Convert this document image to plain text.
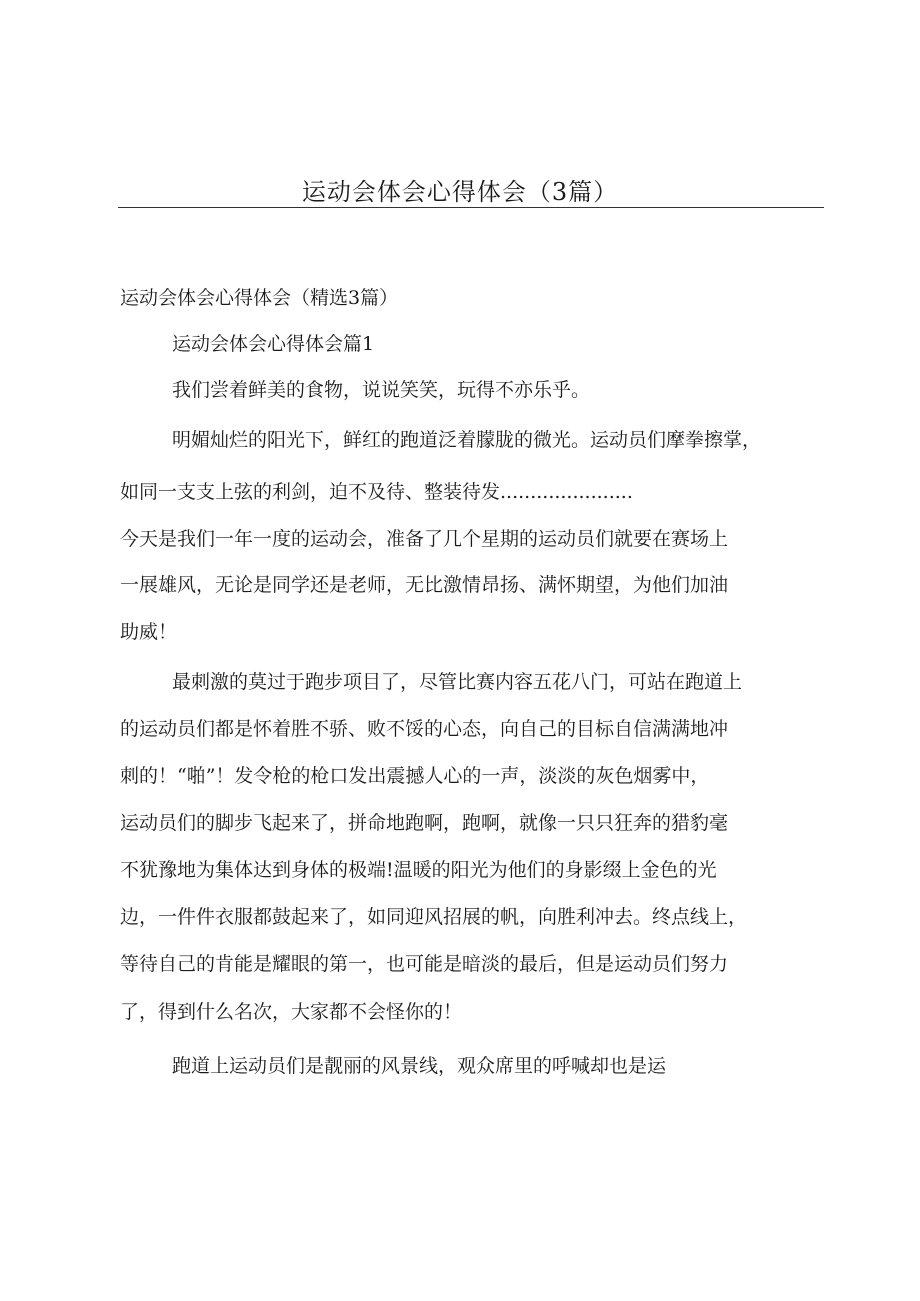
运动会体会心得体会（3篇）
运动会体会心得体会（精选3篇）
运动会体会心得体会篇1
我们尝着鲜美的食物，说说笑笑，玩得不亦乐乎。
明媚灿烂的阳光下，鲜红的跑道泛着朦胧的微光。运动员们摩拳擦掌，
如同一支支上弦的利剑，迫不及待、整装待发......................
今天是我们一年一度的运动会，准备了几个星期的运动员们就要在赛场上
一展雄风，无论是同学还是老师，无比激情昂扬、满怀期望，为他们加油
助威！
最刺激的莫过于跑步项目了，尽管比赛内容五花八门，可站在跑道上
的运动员们都是怀着胜不骄、败不馁的心态，向自己的目标自信满满地冲
刺的！“啪”！发令枪的枪口发出震撼人心的一声，淡淡的灰色烟雾中，
运动员们的脚步飞起来了，拼命地跑啊，跑啊，就像一只只狂奔的猎豹毫
不犹豫地为集体达到身体的极端!温暖的阳光为他们的身影缀上金色的光
边，一件件衣服都鼓起来了，如同迎风招展的帆，向胜利冲去。终点线上，
等待自己的肯能是耀眼的第一，也可能是暗淡的最后，但是运动员们努力
了，得到什么名次，大家都不会怪你的！
跑道上运动员们是靓丽的风景线，观众席里的呼喊却也是运
